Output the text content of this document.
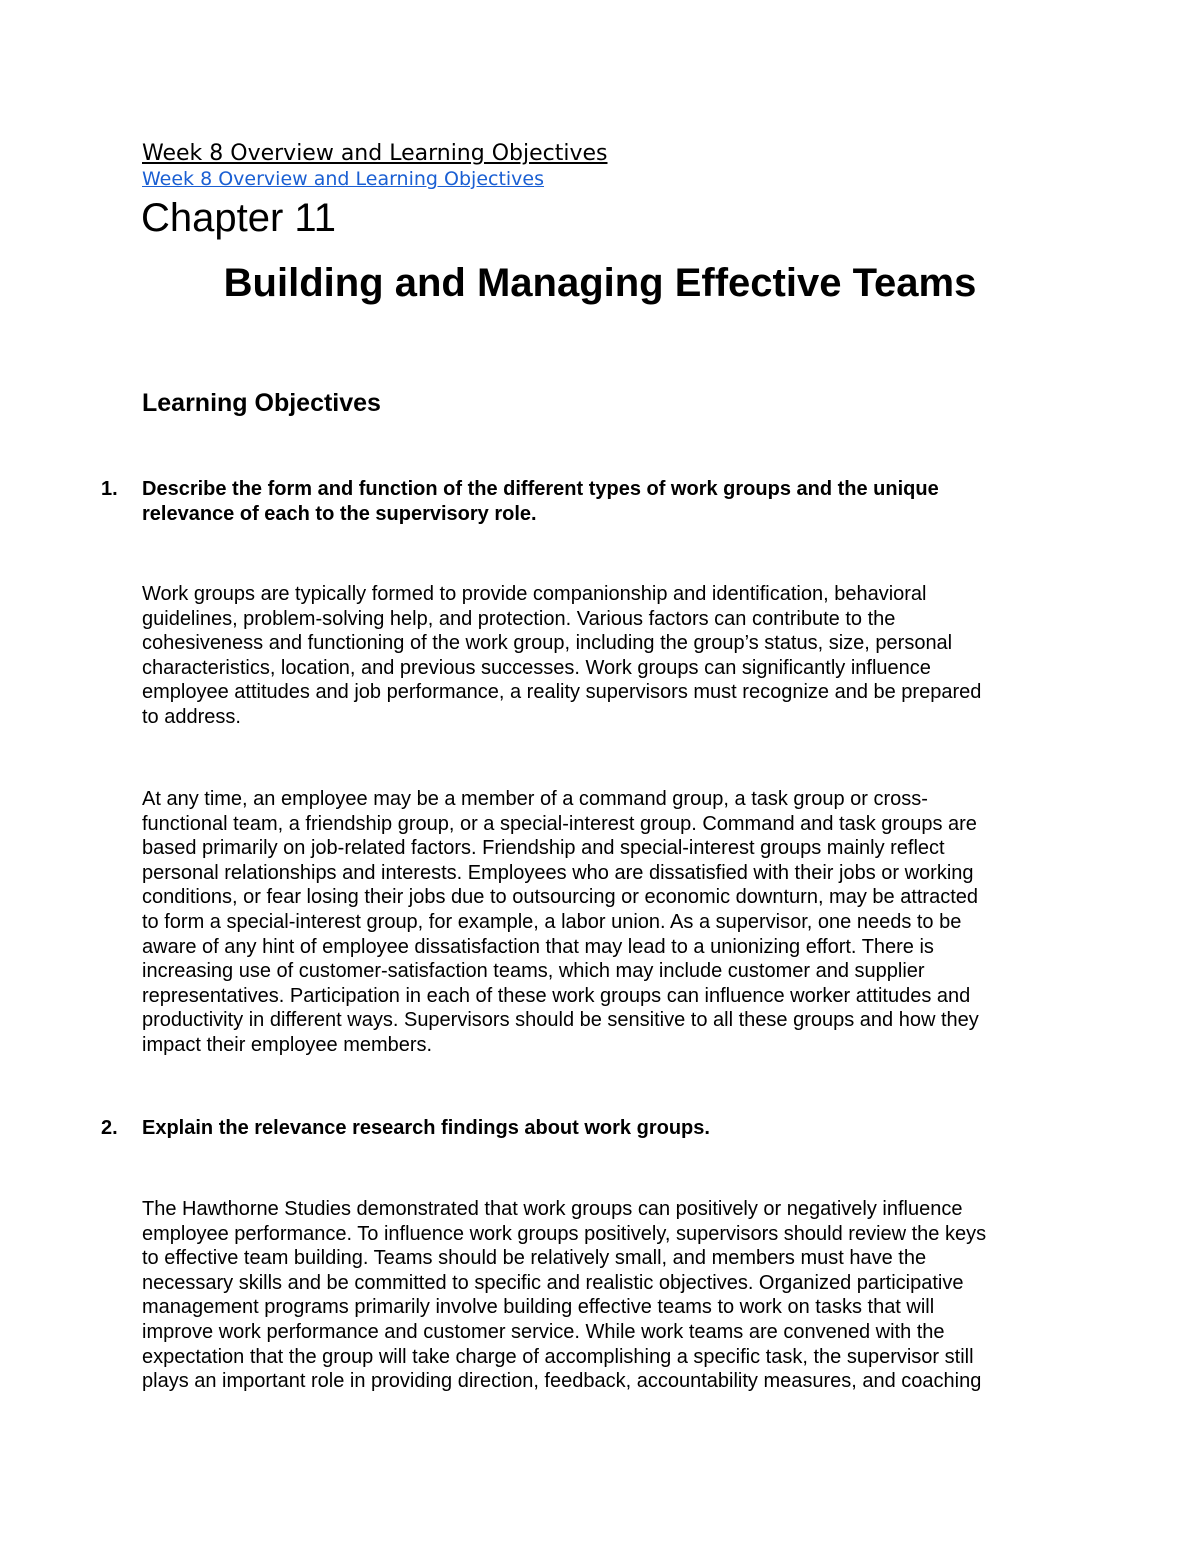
Week 8 Overview and Learning Objectives
Week 8 Overview and Learning Objectives
Chapter 11
Building and Managing Effective Teams
Learning Objectives
1. Describe the form and function of the different types of work groups and the unique
relevance of each to the supervisory role.
Work groups are typically formed to provide companionship and identification, behavioral
guidelines, problem-solving help, and protection. Various factors can contribute to the
cohesiveness and functioning of the work group, including the group’s status, size, personal
characteristics, location, and previous successes. Work groups can significantly influence
employee attitudes and job performance, a reality supervisors must recognize and be prepared
to address.
At any time, an employee may be a member of a command group, a task group or cross-
functional team, a friendship group, or a special-interest group. Command and task groups are
based primarily on job-related factors. Friendship and special-interest groups mainly reflect
personal relationships and interests. Employees who are dissatisfied with their jobs or working
conditions, or fear losing their jobs due to outsourcing or economic downturn, may be attracted
to form a special-interest group, for example, a labor union. As a supervisor, one needs to be
aware of any hint of employee dissatisfaction that may lead to a unionizing effort. There is
increasing use of customer-satisfaction teams, which may include customer and supplier
representatives. Participation in each of these work groups can influence worker attitudes and
productivity in different ways. Supervisors should be sensitive to all these groups and how they
impact their employee members.
2. Explain the relevance research findings about work groups.
The Hawthorne Studies demonstrated that work groups can positively or negatively influence
employee performance. To influence work groups positively, supervisors should review the keys
to effective team building. Teams should be relatively small, and members must have the
necessary skills and be committed to specific and realistic objectives. Organized participative
management programs primarily involve building effective teams to work on tasks that will
improve work performance and customer service. While work teams are convened with the
expectation that the group will take charge of accomplishing a specific task, the supervisor still
plays an important role in providing direction, feedback, accountability measures, and coaching
